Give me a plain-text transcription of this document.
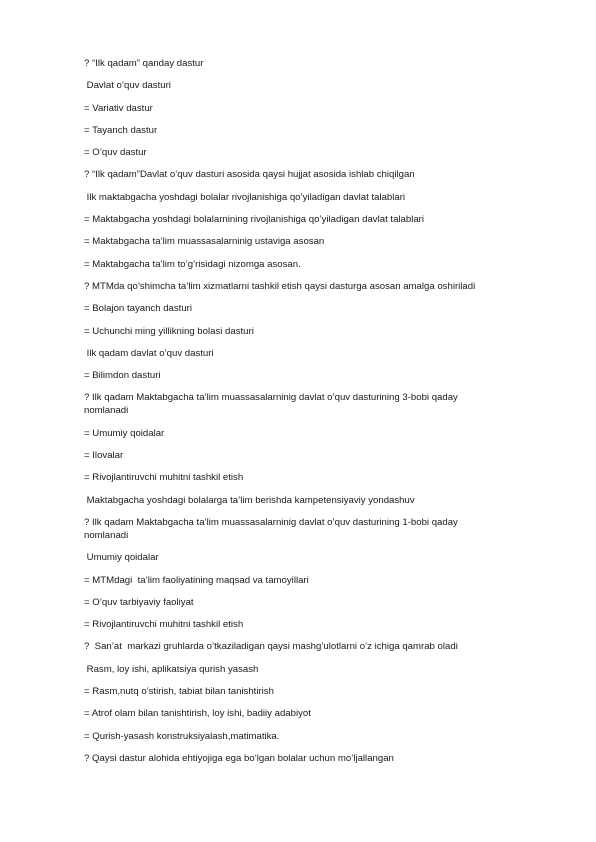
? “Ilk qadam” qanday dastur

Davlat o’quv dasturi

= Variativ dastur

= Tayanch dastur

= O’quv dastur

? “Ilk qadam”Davlat o’quv dasturi asosida qaysi hujjat asosida ishlab chiqilgan

Ilk maktabgacha yoshdagi bolalar rivojlanishiga qo’yiladigan davlat talablari

= Maktabgacha yoshdagi bolalarnining rivojlanishiga qo’yiladigan davlat talablari

= Maktabgacha ta’lim muassasalarninig ustaviga asosan

= Maktabgacha ta’lim to’g’risidagi nizomga asosan.

? MTMda qo’shimcha ta’lim xizmatlarni tashkil etish qaysi dasturga asosan amalga oshiriladi

= Bolajon tayanch dasturi

= Uchunchi ming yillikning bolasi dasturi

Ilk qadam davlat o’quv dasturi

= Bilimdon dasturi

? Ilk qadam Maktabgacha ta’lim muassasalarninig davlat o’quv dasturining 3-bobi qaday nomlanadi

= Umumiy qoidalar

= Ilovalar

= Rivojlantiruvchi muhitni tashkil etish

Maktabgacha yoshdagi bolalarga ta’lim berishda kampetensiyaviy yondashuv

? Ilk qadam Maktabgacha ta’lim muassasalarninig davlat o’quv dasturining 1-bobi qaday nomlanadi

Umumiy qoidalar

= MTMdagi  ta’lim faoliyatining maqsad va tamoyillari

= O’quv tarbiyaviy faoliyat

= Rivojlantiruvchi muhitni tashkil etish

?  San’at  markazi gruhlarda o’tkaziladigan qaysi mashg’ulotlarni o’z ichiga qamrab oladi

Rasm, loy ishi, aplikatsiya qurish yasash

= Rasm,nutq o’stirish, tabiat bilan tanishtirish

= Atrof olam bilan tanishtirish, loy ishi, badiiy adabiyot

= Qurish-yasash konstruksiyalash,matimatika.

? Qaysi dastur alohida ehtiyojiga ega bo’lgan bolalar uchun mo’ljallangan
